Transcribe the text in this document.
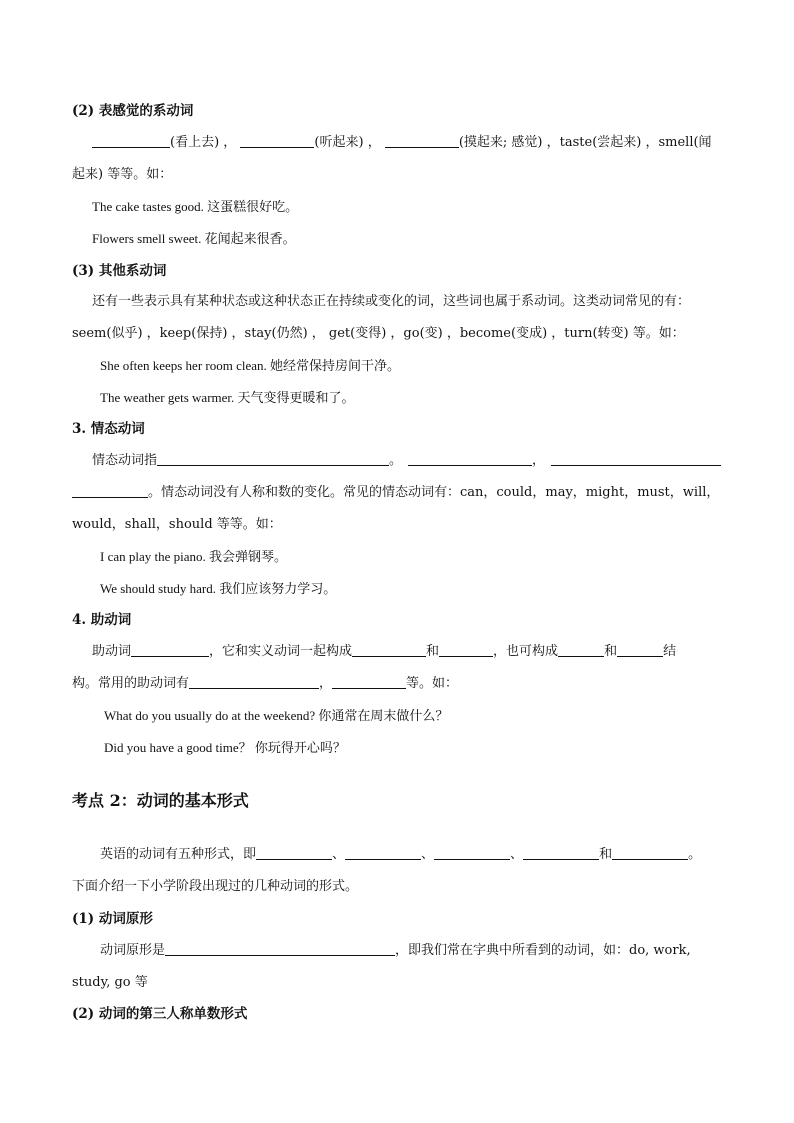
(2) 表感觉的系动词
(看上去) ，	(听起来) ，	(摸起来; 感觉) ，taste(尝起来) ，smell(闻
起来) 等等。如：
The cake tastes good. 这蛋糕很好吃。
Flowers smell sweet. 花闻起来很香。
(3) 其他系动词
还有一些表示具有某种状态或这种状态正在持续或变化的词，这些词也属于系动词。这类动词常见的有：
seem(似乎) ，keep(保持) ，stay(仍然) ， get(变得) ，go(变) ，become(变成) ，turn(转变) 等。如：
She often keeps her room clean. 她经常保持房间干净。
The weather gets warmer. 天气变得更暖和了。
3. 情态动词
情态动词指	。	，
。情态动词没有人称和数的变化。常见的情态动词有：can，could，may，might，must，will，
would，shall，should 等等。如：
I can play the piano. 我会弹钢琴。
We should study hard. 我们应该努力学习。
4. 助动词
助动词	，它和实义动词一起构成	和	，也可构成	和	结
构。常用的助动词有	，	等。如：
What do you usually do at the weekend? 你通常在周末做什么？
Did you have a good time？ 你玩得开心吗？
考点 2：动词的基本形式
英语的动词有五种形式，即	、	、	、	和	。
下面介绍一下小学阶段出现过的几种动词的形式。
(1) 动词原形
动词原形是	，即我们常在字典中所看到的动词，如：do, work,
study, go 等
(2) 动词的第三人称单数形式
